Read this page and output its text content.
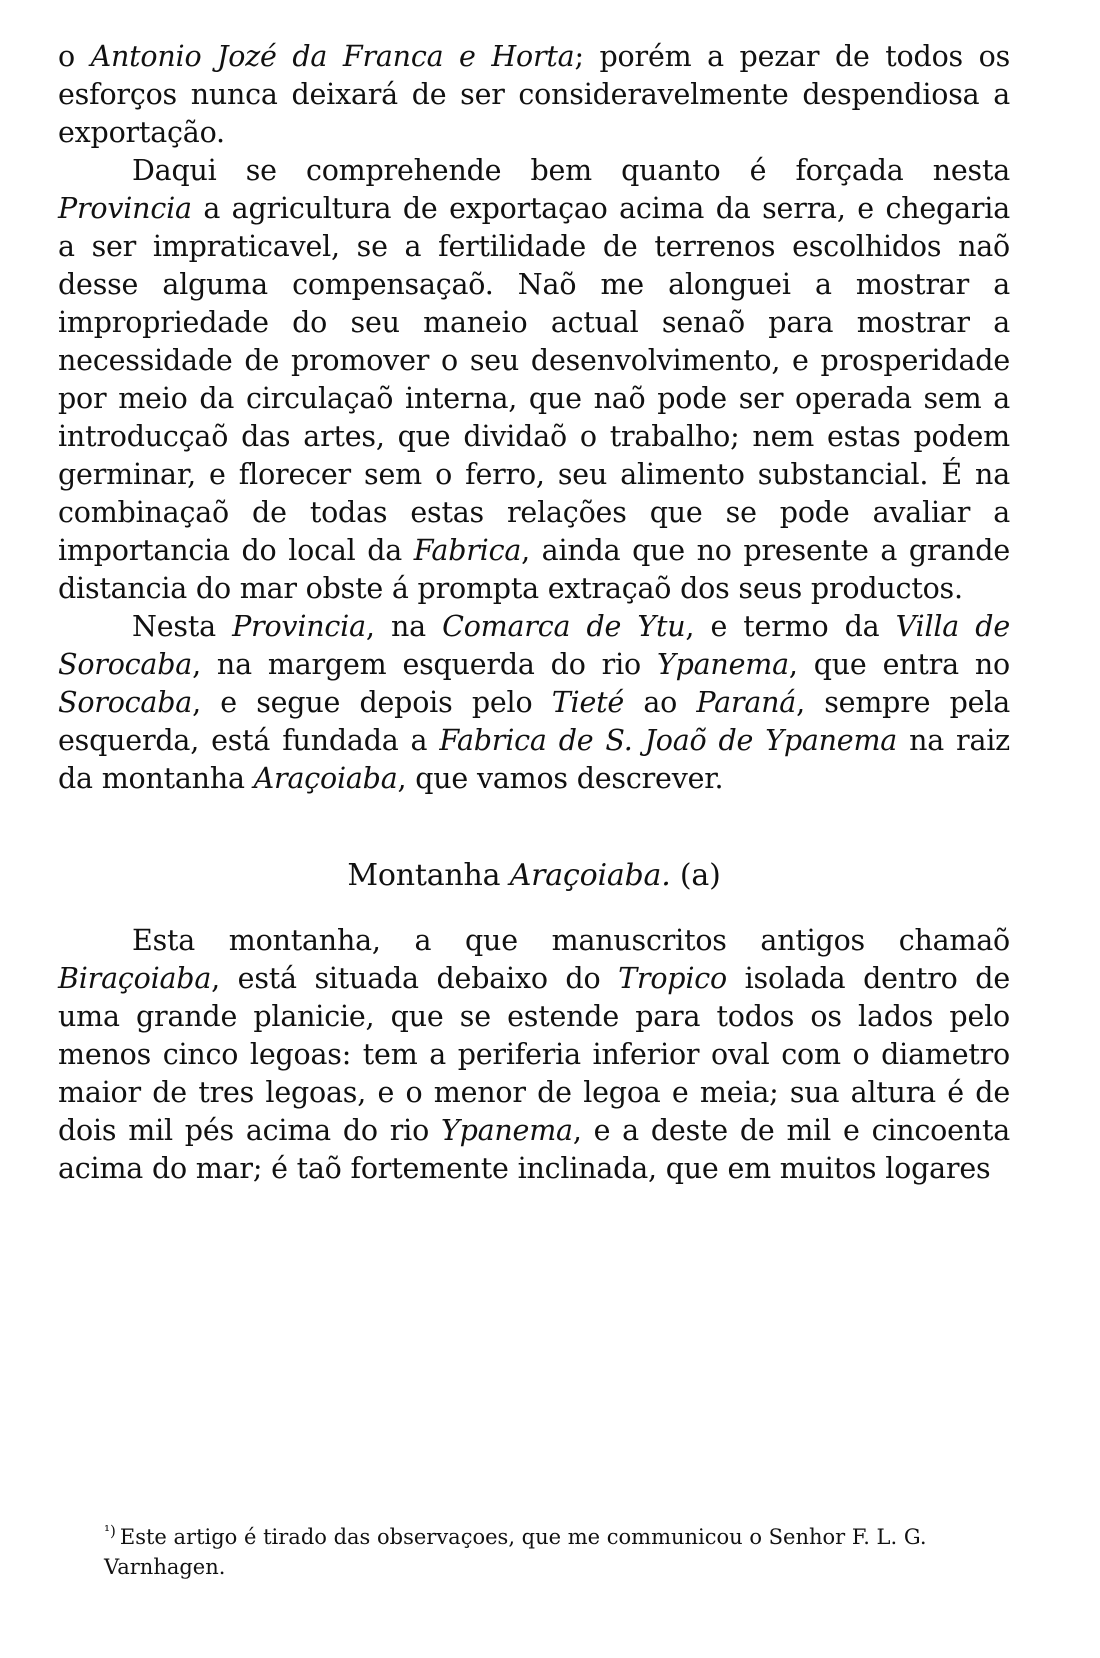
o Antonio Jozé da Franca e Horta; porém a pezar de todos os esforços nunca deixará de ser consideravelmente despendiosa a exportação.

Daqui se comprehende bem quanto é forçada nesta Provincia a agricultura de exportaçao acima da serra, e chegaria a ser impraticavel, se a fertilidade de terrenos escolhidos naõ desse alguma compensaçaõ. Naõ me alonguei a mostrar a impropriedade do seu maneio actual senaõ para mostrar a necessidade de promover o seu desenvolvimento, e prosperidade por meio da circulaçaõ interna, que naõ pode ser operada sem a introducçaõ das artes, que dividaõ o trabalho; nem estas podem germinar, e florecer sem o ferro, seu alimento substancial. É na combinaçaõ de todas estas relações que se pode avaliar a importancia do local da Fabrica, ainda que no presente a grande distancia do mar obste á prompta extraçaõ dos seus productos.

Nesta Provincia, na Comarca de Ytu, e termo da Villa de Sorocaba, na margem esquerda do rio Ypanema, que entra no Sorocaba, e segue depois pelo Tieté ao Paraná, sempre pela esquerda, está fundada a Fabrica de S. Joaõ de Ypanema na raiz da montanha Araçoiaba, que vamos descrever.

Montanha Araçoiaba. (a)

Esta montanha, a que manuscritos antigos chamaõ Biraçoiaba, está situada debaixo do Tropico isolada dentro de uma grande planicie, que se estende para todos os lados pelo menos cinco legoas: tem a periferia inferior oval com o diametro maior de tres legoas, e o menor de legoa e meia; sua altura é de dois mil pés acima do rio Ypanema, e a deste de mil e cincoenta acima do mar; é taõ fortemente inclinada, que em muitos logares

$^{^1)}$ Este artigo é tirado das observaçoes, que me communicou o Senhor F. L. G. Varnhagen.
